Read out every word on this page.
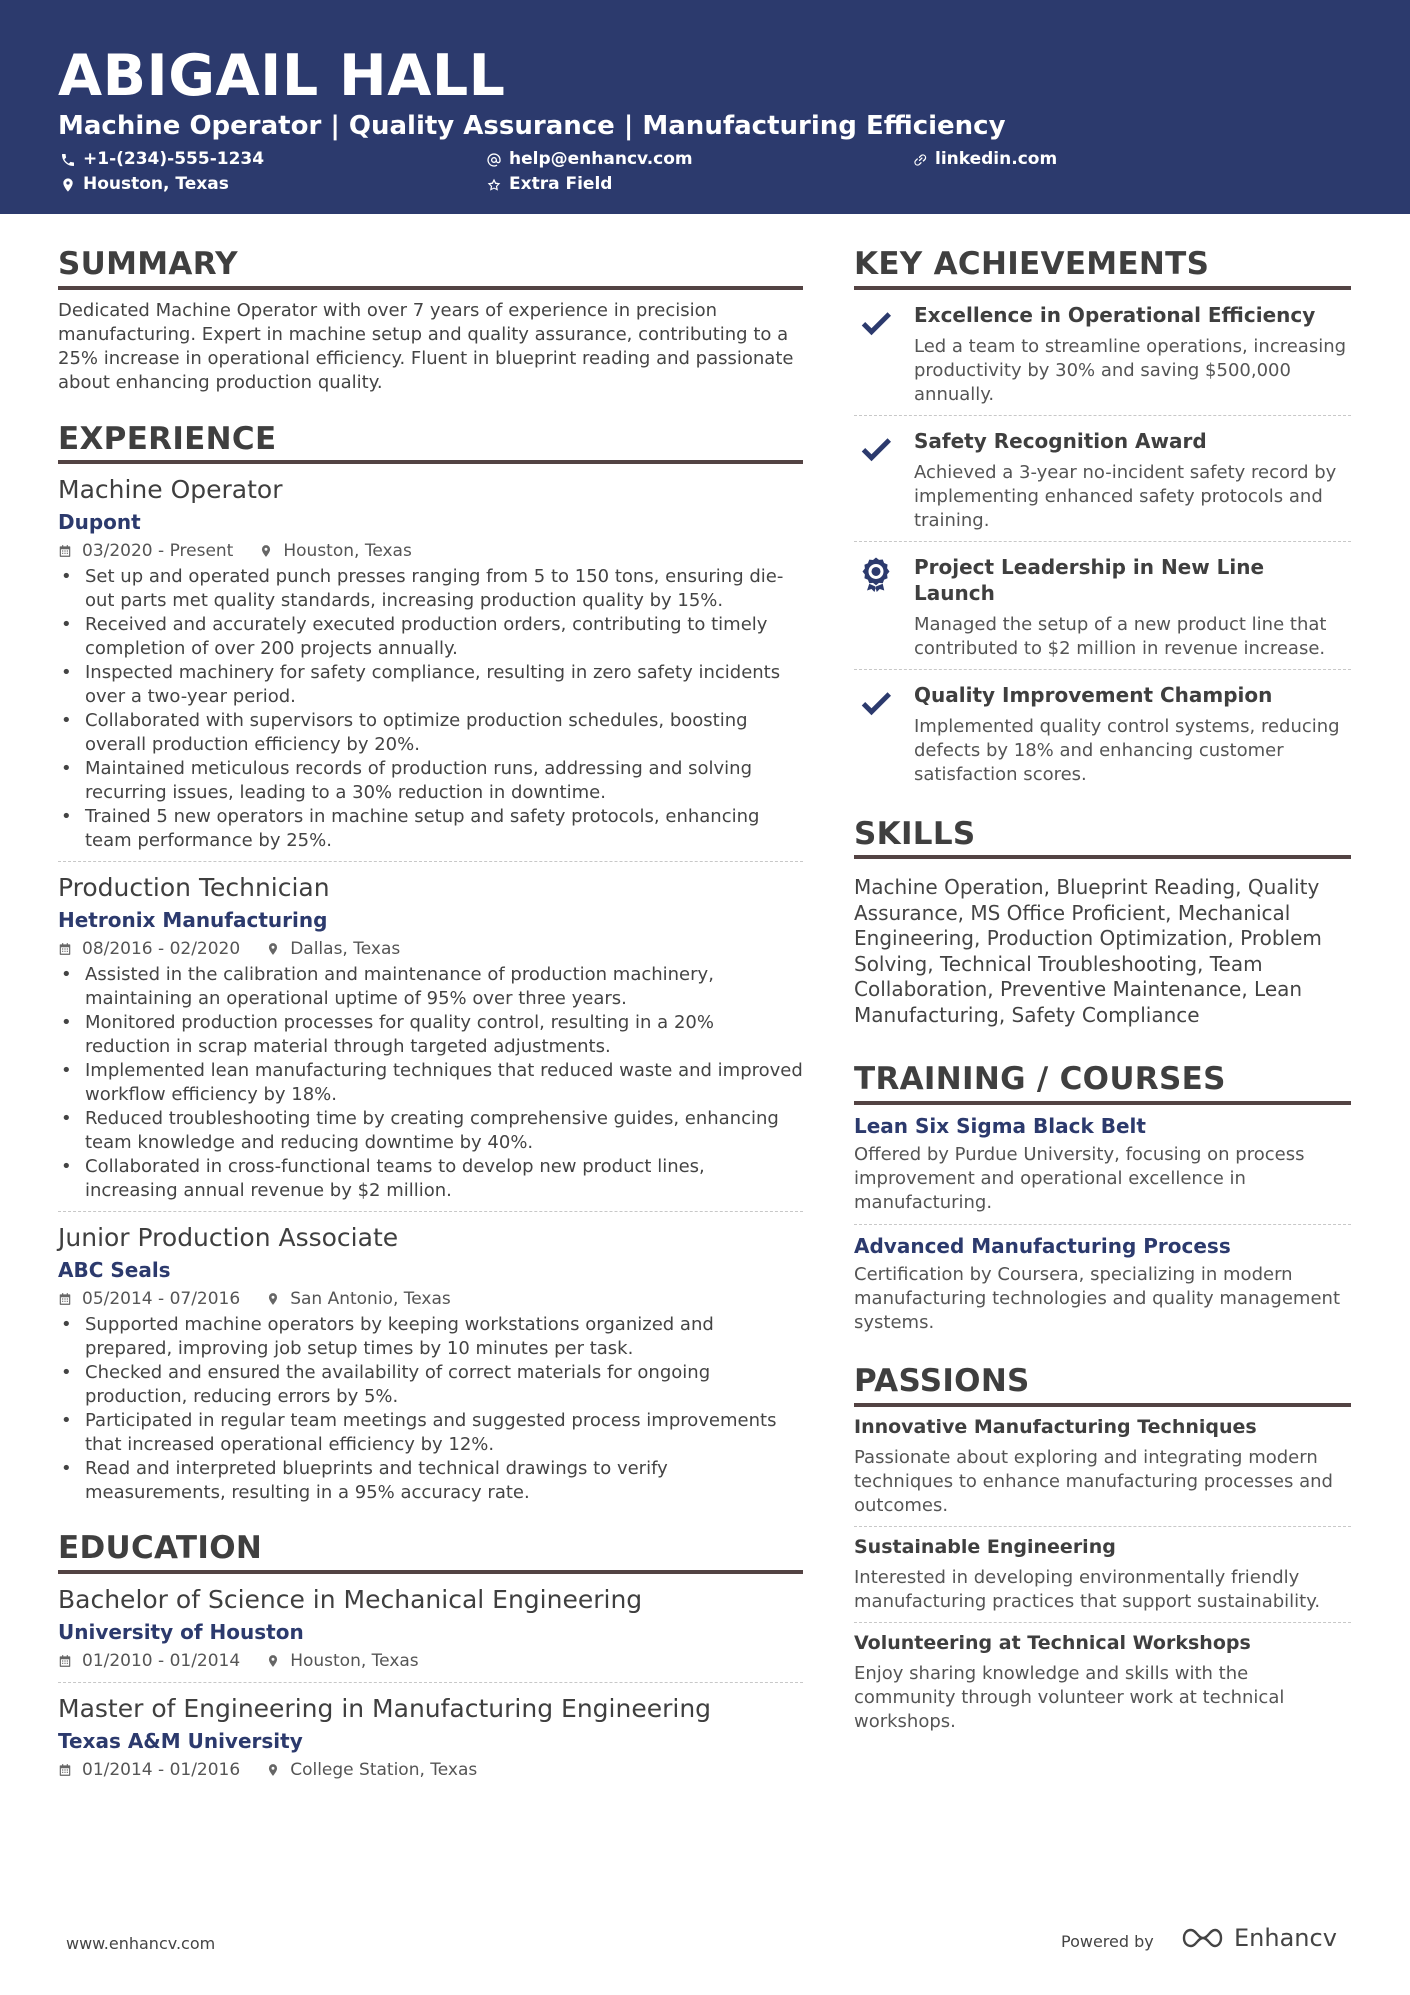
ABIGAIL HALL
Machine Operator | Quality Assurance | Manufacturing Efficiency
+1-(234)-555-1234	help@enhancv.com	linkedin.com
Houston, Texas	Extra Field
SUMMARY
Dedicated Machine Operator with over 7 years of experience in precision manufacturing. Expert in machine setup and quality assurance, contributing to a 25% increase in operational efficiency. Fluent in blueprint reading and passionate about enhancing production quality.
EXPERIENCE
Machine Operator
Dupont
03/2020 - Present	Houston, Texas
• Set up and operated punch presses ranging from 5 to 150 tons, ensuring die-out parts met quality standards, increasing production quality by 15%.
• Received and accurately executed production orders, contributing to timely completion of over 200 projects annually.
• Inspected machinery for safety compliance, resulting in zero safety incidents over a two-year period.
• Collaborated with supervisors to optimize production schedules, boosting overall production efficiency by 20%.
• Maintained meticulous records of production runs, addressing and solving recurring issues, leading to a 30% reduction in downtime.
• Trained 5 new operators in machine setup and safety protocols, enhancing team performance by 25%.
Production Technician
Hetronix Manufacturing
08/2016 - 02/2020	Dallas, Texas
• Assisted in the calibration and maintenance of production machinery, maintaining an operational uptime of 95% over three years.
• Monitored production processes for quality control, resulting in a 20% reduction in scrap material through targeted adjustments.
• Implemented lean manufacturing techniques that reduced waste and improved workflow efficiency by 18%.
• Reduced troubleshooting time by creating comprehensive guides, enhancing team knowledge and reducing downtime by 40%.
• Collaborated in cross-functional teams to develop new product lines, increasing annual revenue by $2 million.
Junior Production Associate
ABC Seals
05/2014 - 07/2016	San Antonio, Texas
• Supported machine operators by keeping workstations organized and prepared, improving job setup times by 10 minutes per task.
• Checked and ensured the availability of correct materials for ongoing production, reducing errors by 5%.
• Participated in regular team meetings and suggested process improvements that increased operational efficiency by 12%.
• Read and interpreted blueprints and technical drawings to verify measurements, resulting in a 95% accuracy rate.
EDUCATION
Bachelor of Science in Mechanical Engineering
University of Houston
01/2010 - 01/2014	Houston, Texas
Master of Engineering in Manufacturing Engineering
Texas A&M University
01/2014 - 01/2016	College Station, Texas
KEY ACHIEVEMENTS
Excellence in Operational Efficiency
Led a team to streamline operations, increasing productivity by 30% and saving $500,000 annually.
Safety Recognition Award
Achieved a 3-year no-incident safety record by implementing enhanced safety protocols and training.
Project Leadership in New Line Launch
Managed the setup of a new product line that contributed to $2 million in revenue increase.
Quality Improvement Champion
Implemented quality control systems, reducing defects by 18% and enhancing customer satisfaction scores.
SKILLS
Machine Operation, Blueprint Reading, Quality Assurance, MS Office Proficient, Mechanical Engineering, Production Optimization, Problem Solving, Technical Troubleshooting, Team Collaboration, Preventive Maintenance, Lean Manufacturing, Safety Compliance
TRAINING / COURSES
Lean Six Sigma Black Belt
Offered by Purdue University, focusing on process improvement and operational excellence in manufacturing.
Advanced Manufacturing Process
Certification by Coursera, specializing in modern manufacturing technologies and quality management systems.
PASSIONS
Innovative Manufacturing Techniques
Passionate about exploring and integrating modern techniques to enhance manufacturing processes and outcomes.
Sustainable Engineering
Interested in developing environmentally friendly manufacturing practices that support sustainability.
Volunteering at Technical Workshops
Enjoy sharing knowledge and skills with the community through volunteer work at technical workshops.
www.enhancv.com	Powered by	Enhancv
